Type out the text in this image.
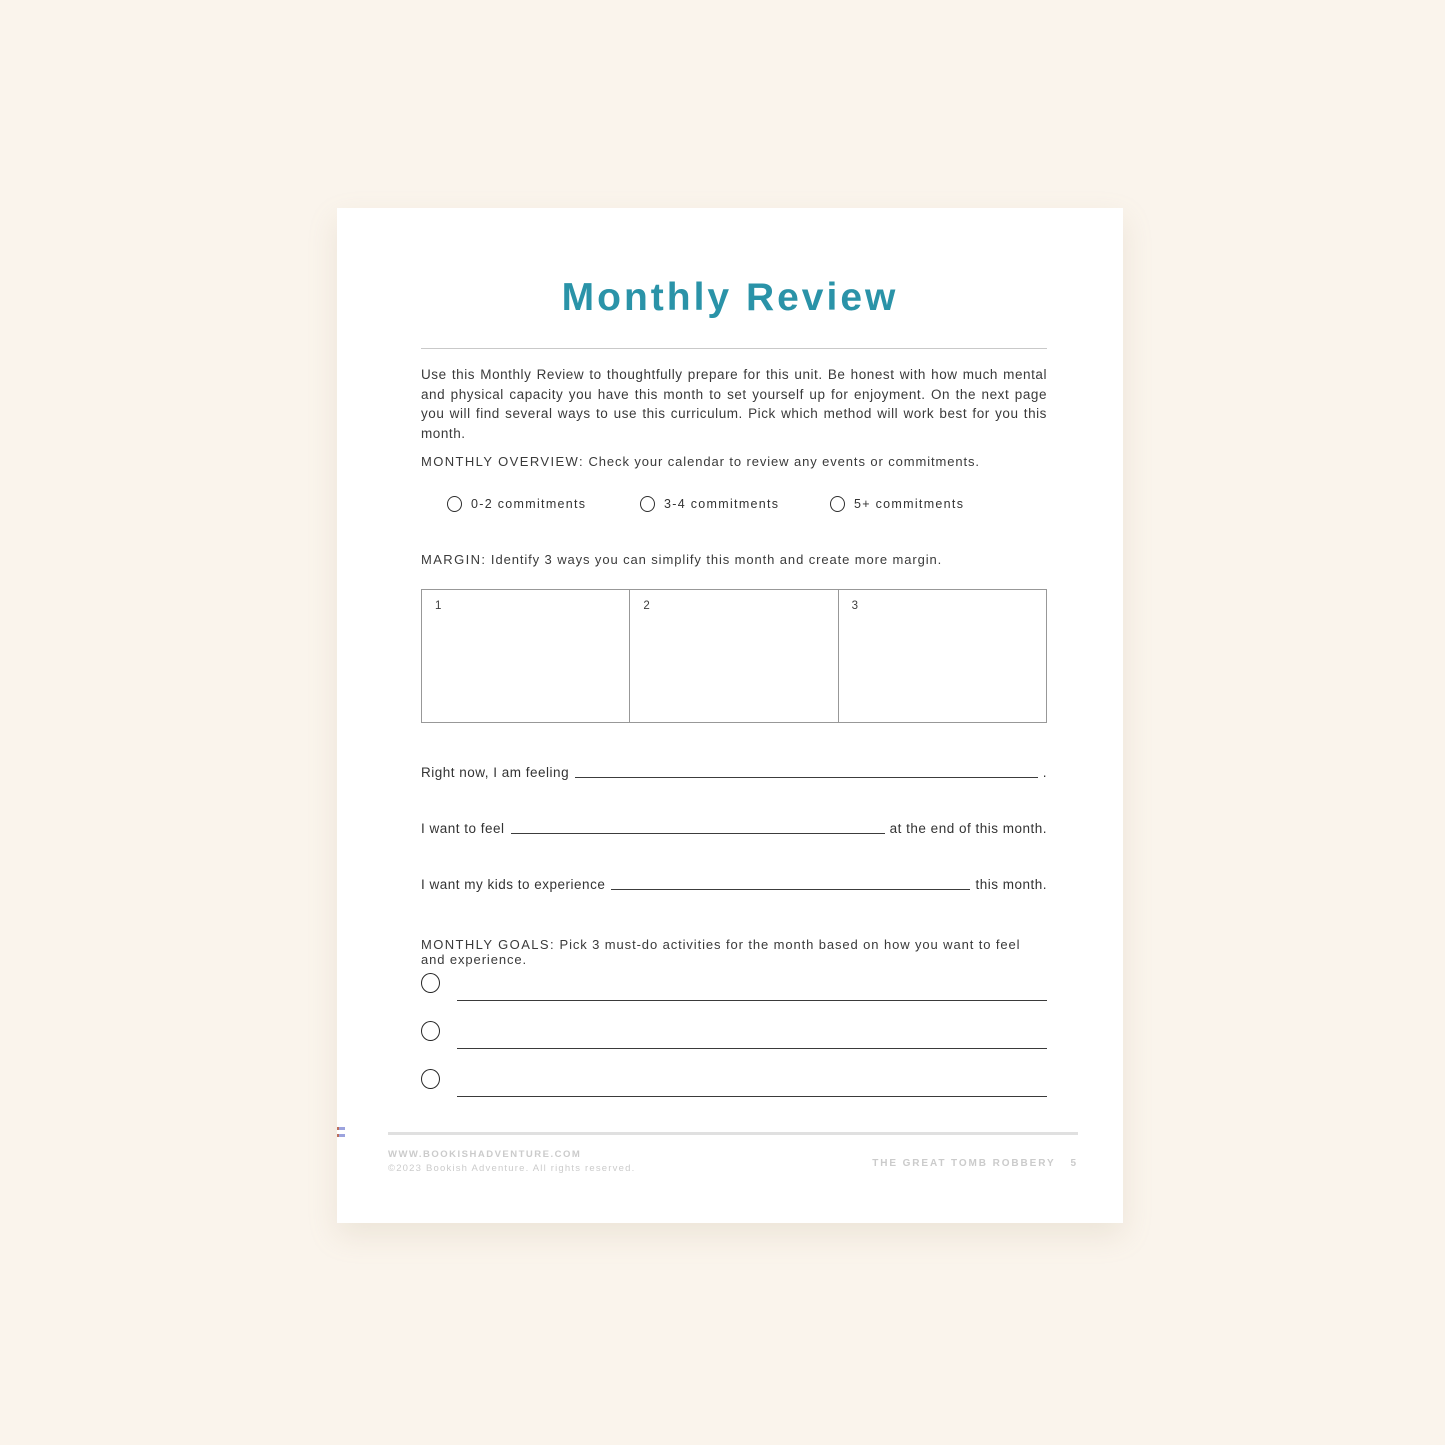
Monthly Review

Use this Monthly Review to thoughtfully prepare for this unit. Be honest with how much mental and physical capacity you have this month to set yourself up for enjoyment. On the next page you will find several ways to use this curriculum. Pick which method will work best for you this month.

MONTHLY OVERVIEW: Check your calendar to review any events or commitments.

0-2 commitments	3-4 commitments	5+ commitments

MARGIN: Identify 3 ways you can simplify this month and create more margin.

1	2	3
Right now, I am feeling	.
I want to feel	at the end of this month.
I want my kids to experience	this month.

MONTHLY GOALS: Pick 3 must-do activities for the month based on how you want to feel and experience.

WWW.BOOKISHADVENTURE.COM
©2023 Bookish Adventure. All rights reserved.	THE GREAT TOMB ROBBERY 5
